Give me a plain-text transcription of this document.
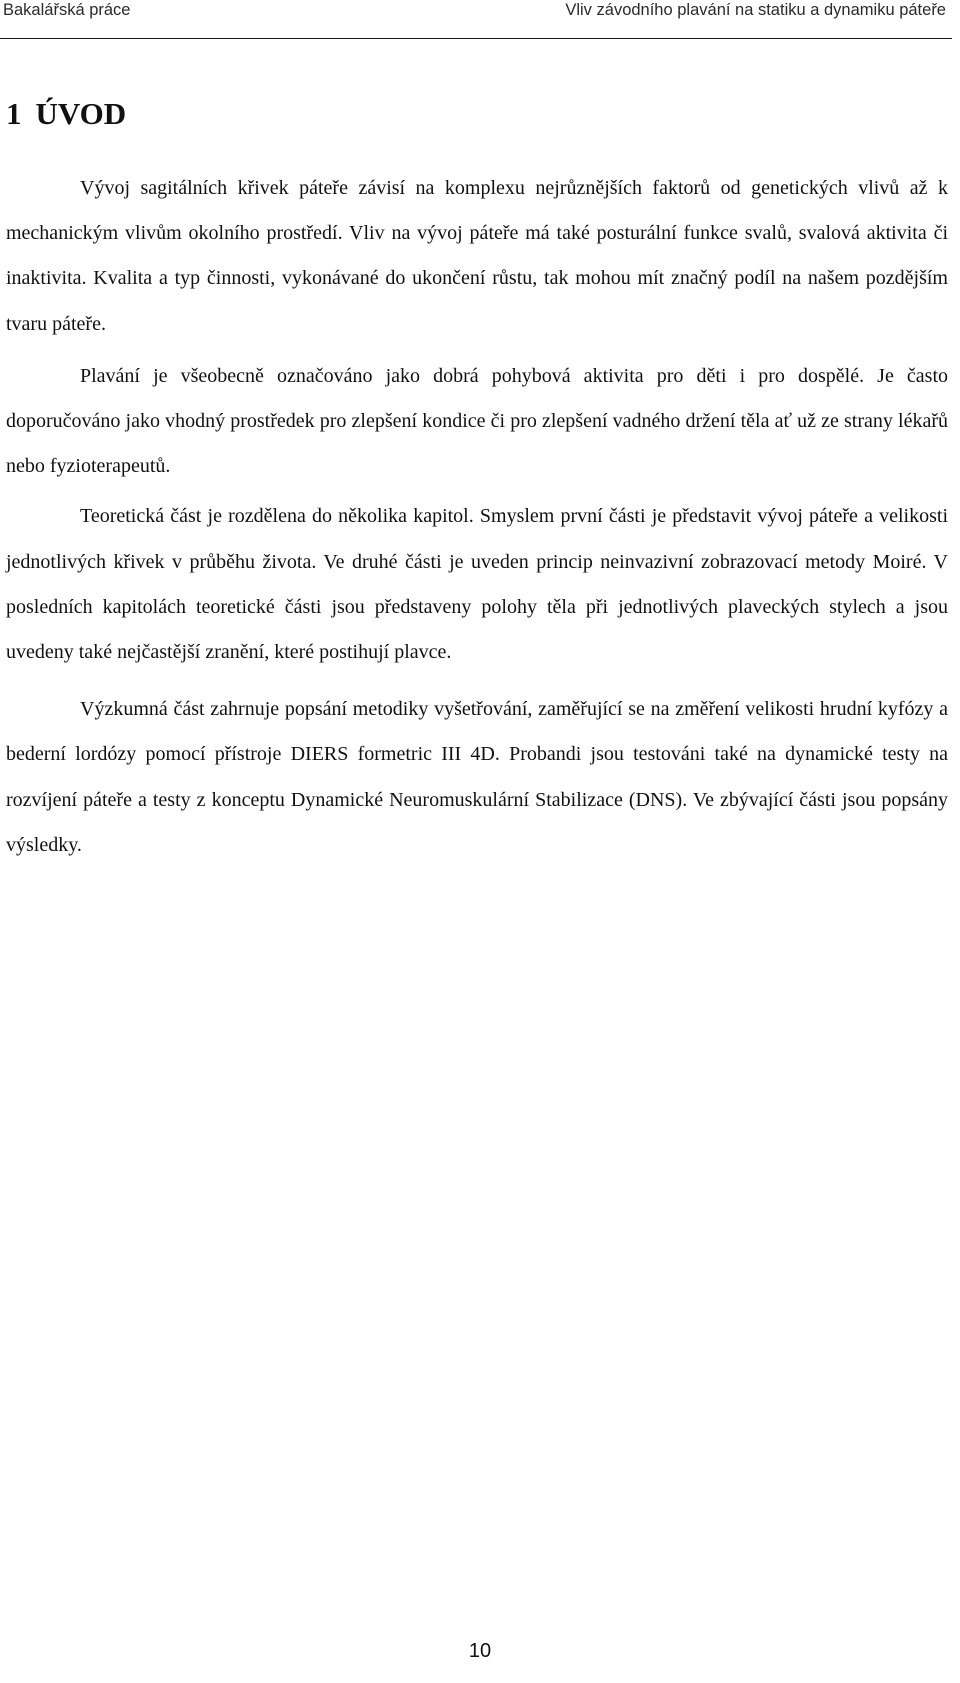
Bakalářská práce	Vliv závodního plavání na statiku a dynamiku páteře
1 ÚVOD

Vývoj sagitálních křivek páteře závisí na komplexu nejrůznějších faktorů od genetických vlivů až k mechanickým vlivům okolního prostředí. Vliv na vývoj páteře má také posturální funkce svalů, svalová aktivita či inaktivita. Kvalita a typ činnosti, vykonávané do ukončení růstu, tak mohou mít značný podíl na našem pozdějším tvaru páteře.

Plavání je všeobecně označováno jako dobrá pohybová aktivita pro děti i pro dospělé. Je často doporučováno jako vhodný prostředek pro zlepšení kondice či pro zlepšení vadného držení těla ať už ze strany lékařů nebo fyzioterapeutů.

Teoretická část je rozdělena do několika kapitol. Smyslem první části je představit vývoj páteře a velikosti jednotlivých křivek v průběhu života. Ve druhé části je uveden princip neinvazivní zobrazovací metody Moiré. V posledních kapitolách teoretické části jsou představeny polohy těla při jednotlivých plaveckých stylech a jsou uvedeny také nejčastější zranění, které postihují plavce.

Výzkumná část zahrnuje popsání metodiky vyšetřování, zaměřující se na změření velikosti hrudní kyfózy a bederní lordózy pomocí přístroje DIERS formetric III 4D. Probandi jsou testováni také na dynamické testy na rozvíjení páteře a testy z konceptu Dynamické Neuromuskulární Stabilizace (DNS). Ve zbývající části jsou popsány výsledky.

10
